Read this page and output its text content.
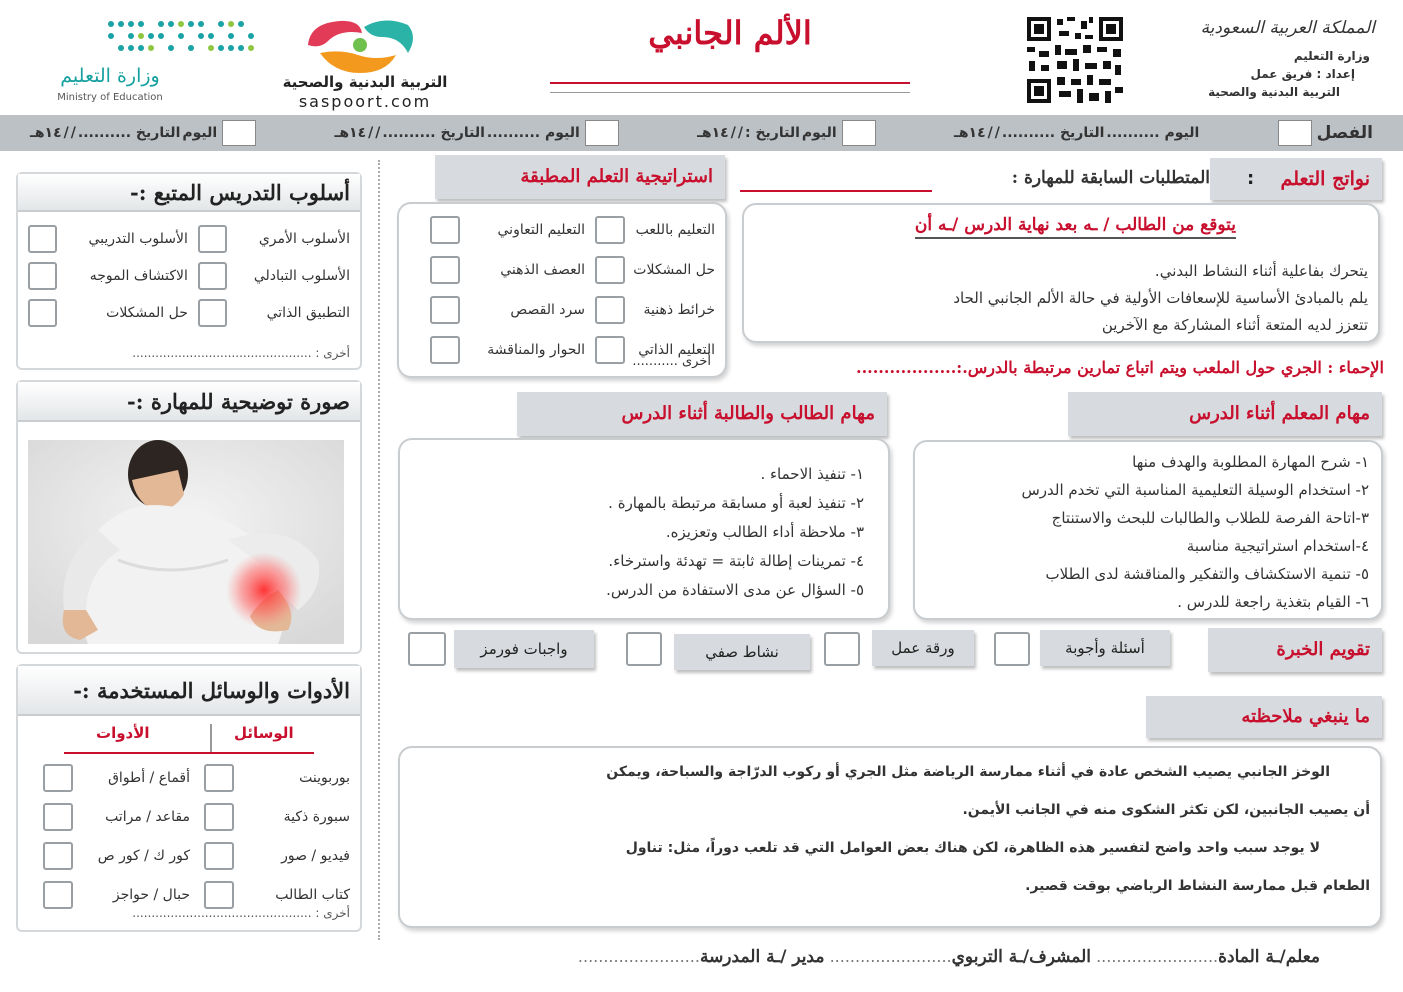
الألم الجانبي	المملكة العربية السعودية
وزارة التعليم
إعداد : فريق عمل
التربية البدنية والصحية
التربية البدنية والصحية
saspoort.com
وزارة التعليم
Ministry of Education
الفصل
اليوم ..........
التاريخ ..........
/
/
١٤هـ
اليوم
التاريخ :
/
/
١٤هـ
اليوم ..........
التاريخ ..........
/
/
١٤هـ
اليوم
التاريخ ..........
/
/
١٤هـ
نواتج التعلم
:
المتطلبات السابقة للمهارة :
يتوقع من الطالب / ـه بعد نهاية الدرس /ـه أن
يتحرك بفاعلية أثناء النشاط البدني.
يلم بالمبادئ الأساسية للإسعافات الأولية في حالة الألم الجانبي الحاد
تتعزز لديه المتعة أثناء المشاركة مع الآخرين
استراتيجية التعلم المطبقة
التعليم باللعب
التعليم التعاوني
حل المشكلات
العصف الذهني
خرائط ذهنية
سرد القصص
التعليم الذاتي
الحوار والمناقشة
أخرى ...........	الإحماء : الجري حول الملعب ويتم اتباع تمارين مرتبطة بالدرس.:..................
مهام المعلم أثناء الدرس
١- شرح المهارة المطلوبة والهدف منها
٢- استخدام الوسيلة التعليمية المناسبة التي تخدم الدرس
٣-اتاحة الفرصة للطلاب والطالبات للبحث والاستنتاج
٤-استخدام استراتيجية مناسبة
٥- تنمية الاستكشاف والتفكير والمناقشة لدى الطلاب
٦- القيام بتغذية راجعة للدرس .
مهام الطالب والطالبة أثناء الدرس
١- تنفيذ الاحماء .
٢- تنفيذ لعبة أو مسابقة مرتبطة بالمهارة .
٣- ملاحظة أداء الطالب وتعزيزه.
٤- تمرينات إطالة ثابتة = تهدئة واسترخاء.
٥- السؤال عن مدى الاستفادة من الدرس.
تقويم الخبرة
أسئلة وأجوبة
ورقة عمل
نشاط صفي
واجبات فورمز
ما ينبغي ملاحظته
الوخز الجانبي يصيب الشخص عادة في أثناء ممارسة الرياضة مثل الجري أو ركوب الدرّاجة والسباحة، ويمكن
أن يصيب الجانبين، لكن تكثر الشكوى منه في الجانب الأيمن.
لا يوجد سبب واحد واضح لتفسير هذه الظاهرة، لكن هناك بعض العوامل التي قد تلعب دوراً، مثل: تناول
الطعام قبل ممارسة النشاط الرياضي بوقت قصير.
معلم/ـة المادة........................ المشرف/ـة التربوي........................ مدير /ـة المدرسة........................
أسلوب التدريس المتبع :-
الأسلوب الأمري
الأسلوب التدريبي
الأسلوب التبادلي
الاكتشاف الموجه
التطبيق الذاتي
حل المشكلات
أخرى : ...............................................
صورة توضيحية للمهارة :-
الأدوات والوسائل المستخدمة :-
الوسائل
الأدوات
بوربوينت
أقماع / أطواق
سبورة ذكية
مقاعد / مراتب
فيديو / صور
كور ك / كور ص
كتاب الطالب
حبال / حواجز
أخرى : ...............................................
